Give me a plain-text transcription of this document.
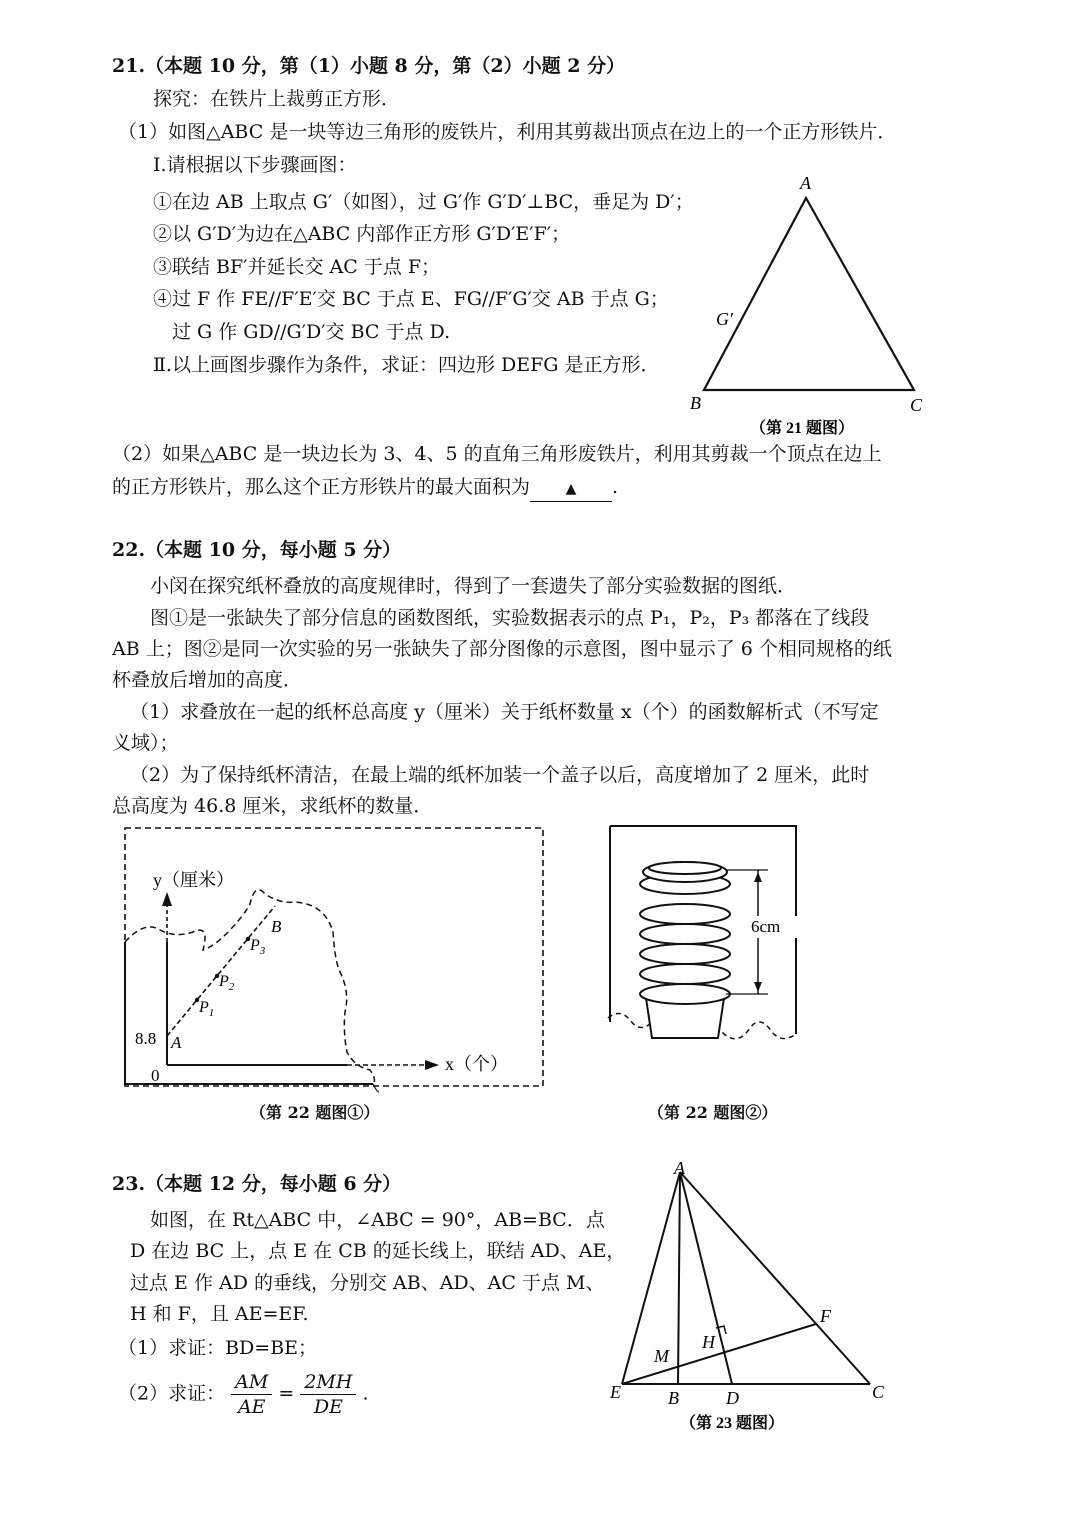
21.（本题 10 分，第（1）小题 8 分，第（2）小题 2 分）
探究：在铁片上裁剪正方形．
（1）如图△ABC 是一块等边三角形的废铁片，利用其剪裁出顶点在边上的一个正方形铁片．
Ⅰ.请根据以下步骤画图：
①在边 AB 上取点 G′（如图），过 G′作 G′D′⊥BC，垂足为 D′；
②以 G′D′为边在△ABC 内部作正方形 G′D′E′F′；
③联结 BF′并延长交 AC 于点 F；
④过 F 作 FE//F′E′交 BC 于点 E、FG//F′G′交 AB 于点 G；
过 G 作 GD//G′D′交 BC 于点 D.
Ⅱ.以上画图步骤作为条件，求证：四边形 DEFG 是正方形．
A
B	C
G′
（第 21 题图）
（2）如果△ABC 是一块边长为 3、4、5 的直角三角形废铁片，利用其剪裁一个顶点在边上
的正方形铁片，那么这个正方形铁片的最大面积为	▲ .
22.（本题 10 分，每小题 5 分）
小闵在探究纸杯叠放的高度规律时，得到了一套遗失了部分实验数据的图纸．
图①是一张缺失了部分信息的函数图纸，实验数据表示的点 P₁，P₂，P₃ 都落在了线段
AB 上；图②是同一次实验的另一张缺失了部分图像的示意图，图中显示了 6 个相同规格的纸
杯叠放后增加的高度．
（1）求叠放在一起的纸杯总高度 y（厘米）关于纸杯数量 x（个）的函数解析式（不写定
义域）；
（2）为了保持纸杯清洁，在最上端的纸杯加装一个盖子以后，高度增加了 2 厘米，此时
总高度为 46.8 厘米，求纸杯的数量．
y（厘米）
x（个）
0
8.8 A
B
$P_1$
$P_2$
$P_3$
（第 22 题图①）
6cm
（第 22 题图②）
23.（本题 12 分，每小题 6 分）
如图，在 Rt△ABC 中，∠ABC = 90°，AB=BC．点
D 在边 BC 上，点 E 在 CB 的延长线上，联结 AD、AE，
过点 E 作 AD 的垂线，分别交 AB、AD、AC 于点 M、
H 和 F，且 AE=EF.
（1）求证：BD=BE；
（2）求证： $\frac{AM}{AE} = \frac{2MH}{DE}$ .
A
B	C
D
E
F
H
M
（第 23 题图）
